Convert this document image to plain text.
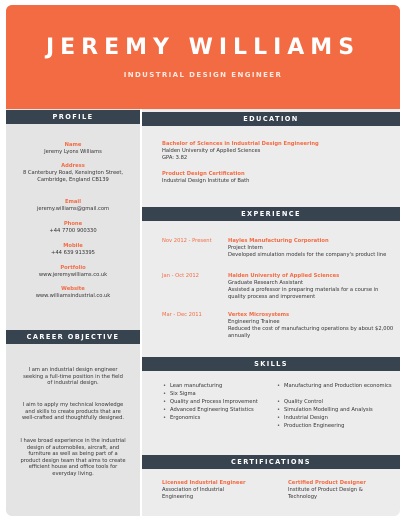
JEREMY WILLIAMS
INDUSTRIAL DESIGN ENGINEER
PROFILE
Name
Jeremy Lyons Williams
Address
8 Canterbury Road, Kensington Street, Cambridge, England CB139
Email
jeremy.williams@gmail.com
Phone
+44 7700 900330
Mobile
+44 639 913395
Portfolio
www.jeremywilliams.co.uk
Website
www.williamsindustrial.co.uk
CAREER OBJECTIVE
I am an industrial design engineer seeking a full-time position in the field of industrial design.
I aim to apply my technical knowledge and skills to create products that are well-crafted and thoughtfully designed.
I have broad experience in the industrial design of automobiles, aircraft, and furniture as well as being part of a product design team that aims to create efficient house and office tools for everyday living.
EDUCATION
Bachelor of Sciences in Industrial Design Engineering
Halden University of Applied Sciences
GPA: 3.82
Product Design Certification
Industrial Design Institute of Bath
EXPERIENCE
Nov 2012 - Present	Hayles Manufacturing Corporation
Project Intern
Developed simulation models for the company's product line
Jan - Oct 2012	Halden University of Applied Sciences
Graduate Research Assistant
Assisted a professor in preparing materials for a course in quality process and improvement
Mar - Dec 2011	Vertex Microsystems
Engineering Trainee
Reduced the cost of manufacturing operations by about $2,000 annually
SKILLS
• Lean manufacturing
• Six Sigma
• Quality and Process Improvement
• Advanced Engineering Statistics
• Ergonomics
• Manufacturing and Production economics
• Quality Control
• Simulation Modelling and Analysis
• Industrial Design
• Production Engineering
CERTIFICATIONS
Licensed Industrial Engineer
Association of Industrial Engineering
Certified Product Designer
Institute of Product Design & Technology
